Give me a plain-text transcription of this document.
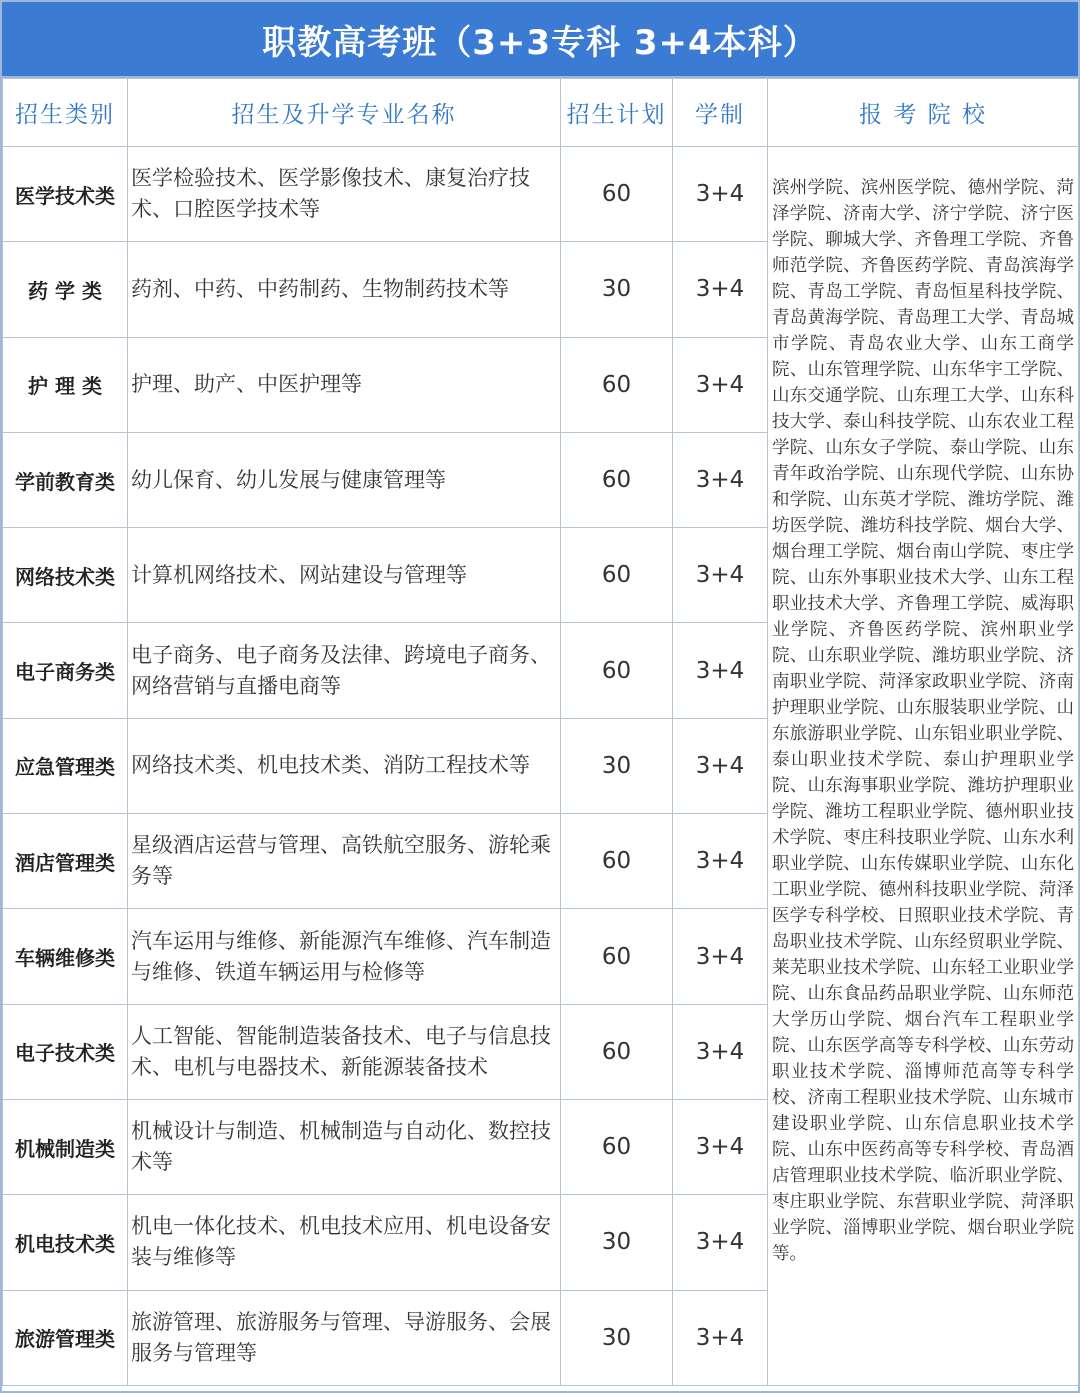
职教高考班（3+3专科 3+4本科）
招生类别	招生及升学专业名称	招生计划	学制	报 考 院 校
医学技术类	医学检验技术、医学影像技术、康复治疗技术、口腔医学技术等	60	3+4	滨州学院、滨州医学院、德州学院、菏泽学院、济南大学、济宁学院、济宁医学院、聊城大学、齐鲁理工学院、齐鲁师范学院、齐鲁医药学院、青岛滨海学院、青岛工学院、青岛恒星科技学院、青岛黄海学院、青岛理工大学、青岛城市学院、青岛农业大学、山东工商学院、山东管理学院、山东华宇工学院、山东交通学院、山东理工大学、山东科技大学、泰山科技学院、山东农业工程学院、山东女子学院、泰山学院、山东青年政治学院、山东现代学院、山东协和学院、山东英才学院、潍坊学院、潍坊医学院、潍坊科技学院、烟台大学、烟台理工学院、烟台南山学院、枣庄学院、山东外事职业技术大学、山东工程职业技术大学、齐鲁理工学院、威海职业学院、齐鲁医药学院、滨州职业学院、山东职业学院、潍坊职业学院、济南职业学院、菏泽家政职业学院、济南护理职业学院、山东服装职业学院、山东旅游职业学院、山东铝业职业学院、泰山职业技术学院、泰山护理职业学院、山东海事职业学院、潍坊护理职业学院、潍坊工程职业学院、德州职业技术学院、枣庄科技职业学院、山东水利职业学院、山东传媒职业学院、山东化工职业学院、德州科技职业学院、菏泽医学专科学校、日照职业技术学院、青岛职业技术学院、山东经贸职业学院、莱芜职业技术学院、山东轻工业职业学院、山东食品药品职业学院、山东师范大学历山学院、烟台汽车工程职业学院、山东医学高等专科学校、山东劳动职业技术学院、淄博师范高等专科学校、济南工程职业技术学院、山东城市建设职业学院、山东信息职业技术学院、山东中医药高等专科学校、青岛酒店管理职业技术学院、临沂职业学院、枣庄职业学院、东营职业学院、菏泽职业学院、淄博职业学院、烟台职业学院等。
药 学 类	药剂、中药、中药制药、生物制药技术等	30	3+4	
护 理 类	护理、助产、中医护理等	60	3+4	
学前教育类	幼儿保育、幼儿发展与健康管理等	60	3+4	
网络技术类	计算机网络技术、网站建设与管理等	60	3+4	
电子商务类	电子商务、电子商务及法律、跨境电子商务、网络营销与直播电商等	60	3+4	
应急管理类	网络技术类、机电技术类、消防工程技术等	30	3+4	
酒店管理类	星级酒店运营与管理、高铁航空服务、游轮乘务等	60	3+4	
车辆维修类	汽车运用与维修、新能源汽车维修、汽车制造与维修、铁道车辆运用与检修等	60	3+4	
电子技术类	人工智能、智能制造装备技术、电子与信息技术、电机与电器技术、新能源装备技术	60	3+4	
机械制造类	机械设计与制造、机械制造与自动化、数控技术等	60	3+4	
机电技术类	机电一体化技术、机电技术应用、机电设备安装与维修等	30	3+4	
旅游管理类	旅游管理、旅游服务与管理、导游服务、会展服务与管理等	30	3+4	
